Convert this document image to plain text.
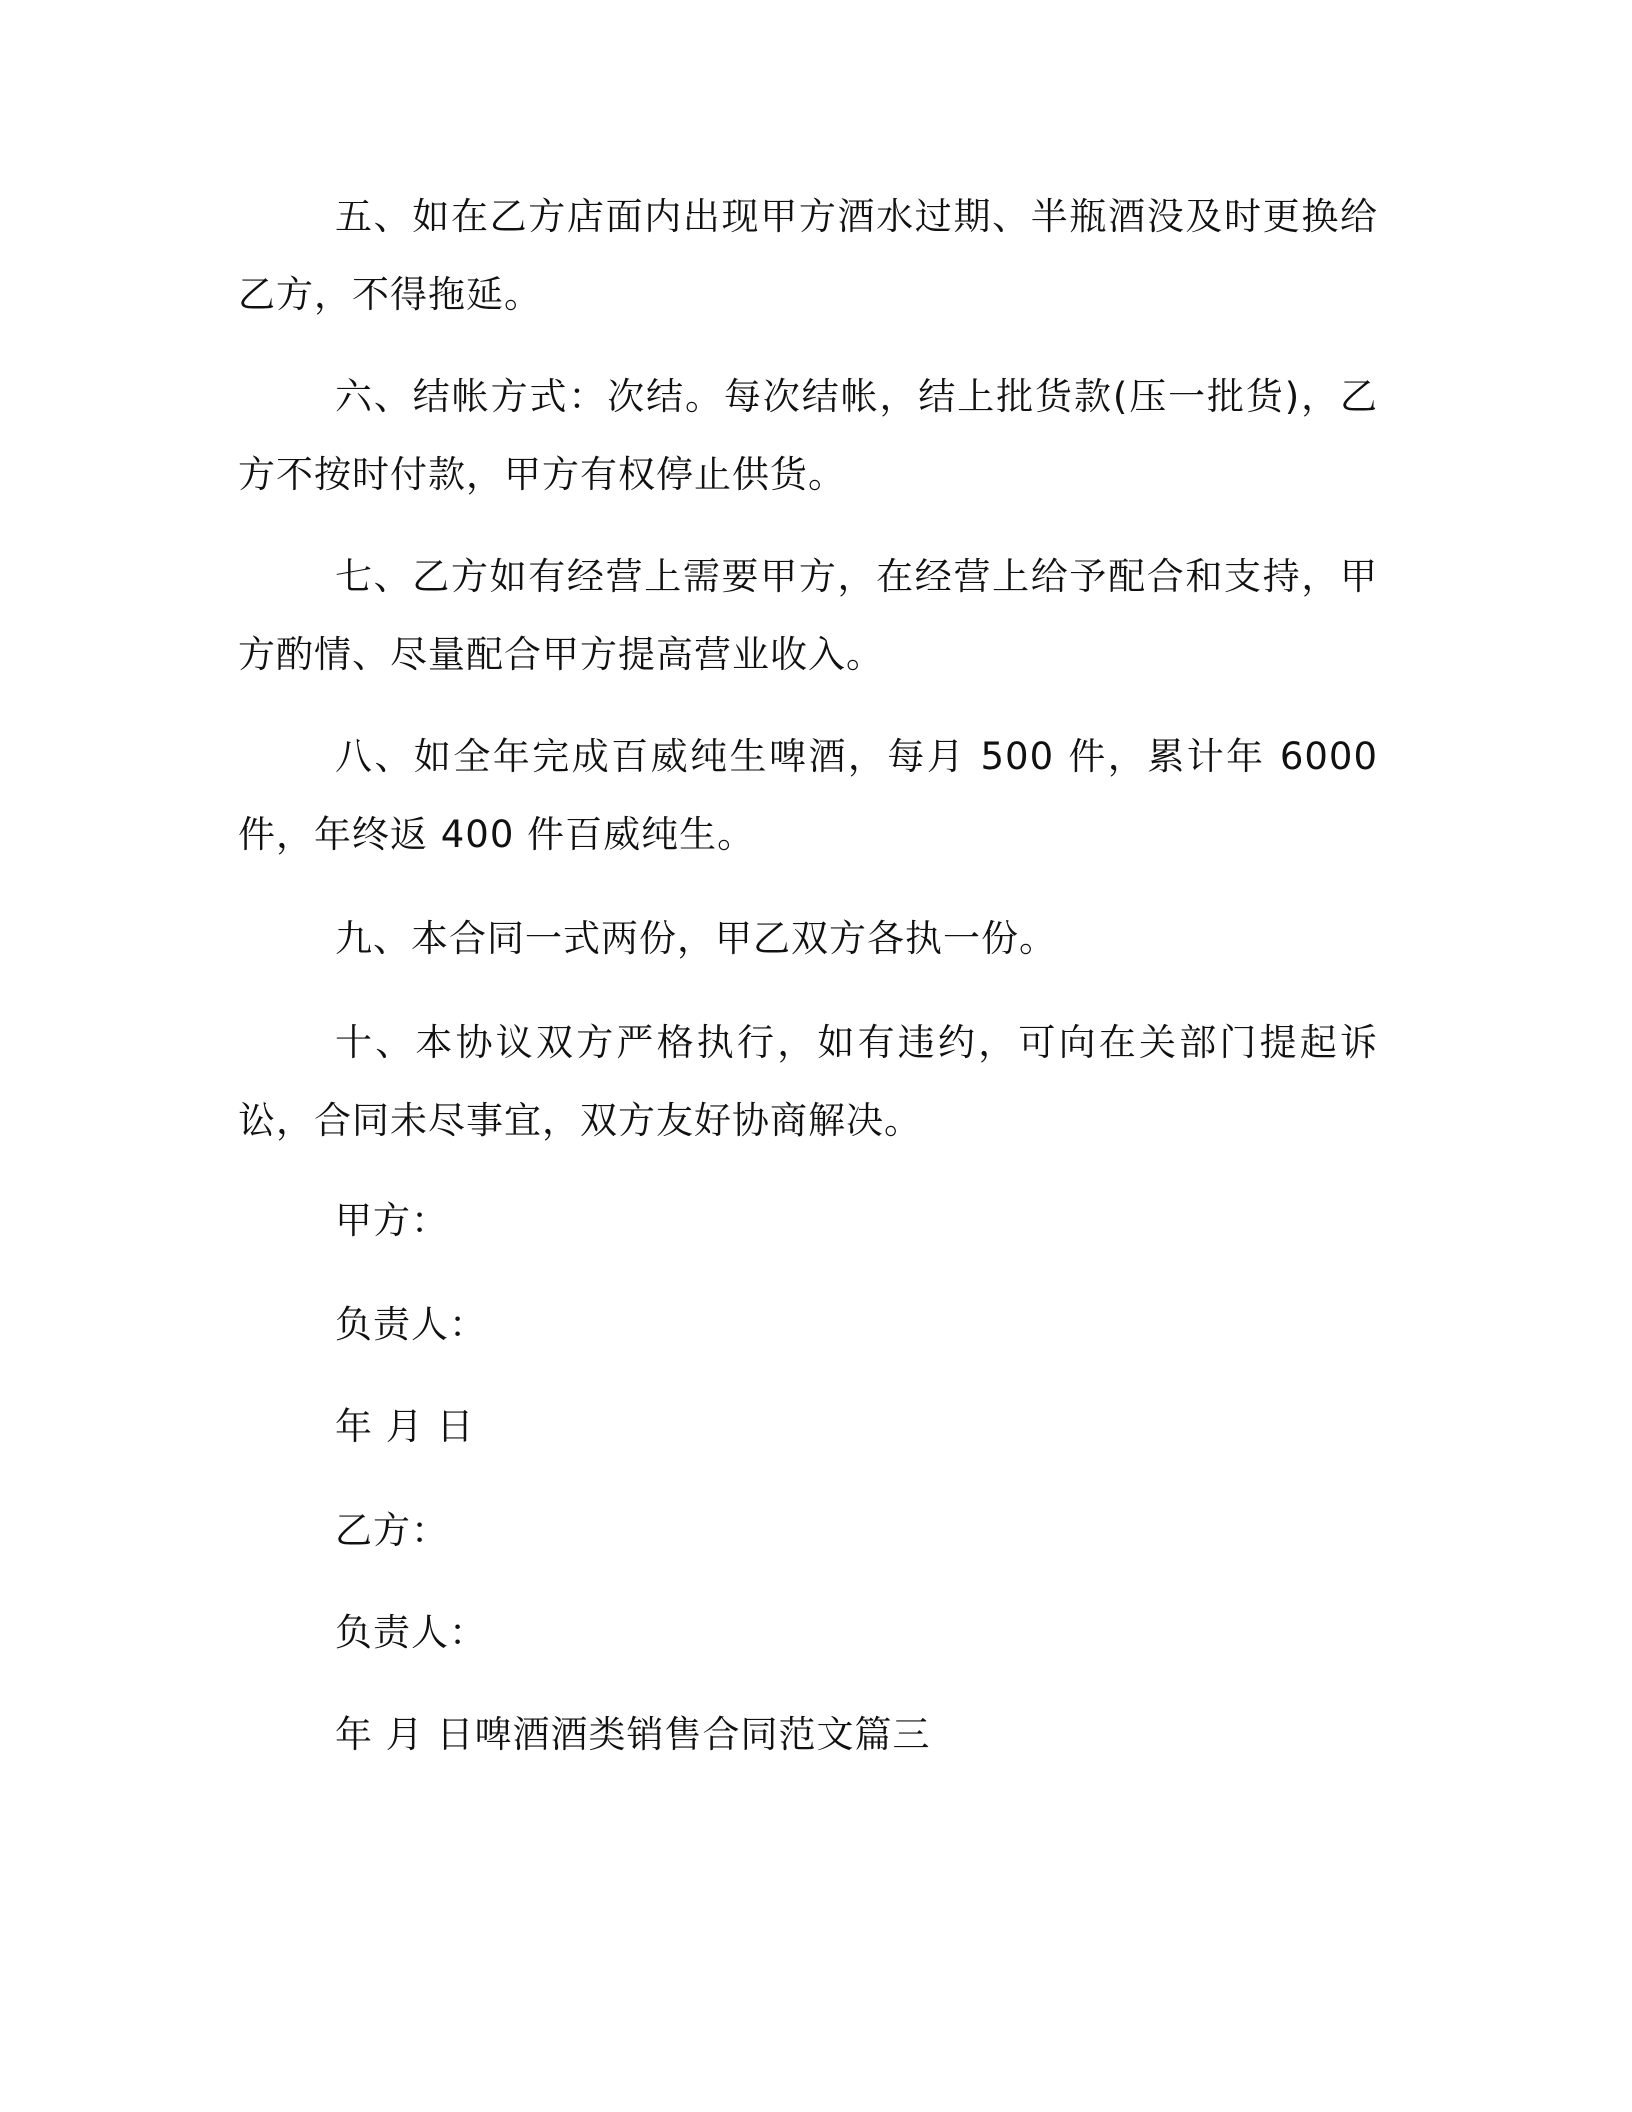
五、如在乙方店面内出现甲方酒水过期、半瓶酒没及时更换给乙方，不得拖延。

六、结帐方式：次结。每次结帐，结上批货款(压一批货)，乙方不按时付款，甲方有权停止供货。

七、乙方如有经营上需要甲方，在经营上给予配合和支持，甲方酌情、尽量配合甲方提高营业收入。

八、如全年完成百威纯生啤酒，每月 500 件，累计年 6000 件，年终返 400 件百威纯生。

九、本合同一式两份，甲乙双方各执一份。

十、本协议双方严格执行，如有违约，可向在关部门提起诉讼，合同未尽事宜，双方友好协商解决。

甲方：

负责人：

年 月 日

乙方：

负责人：

年 月 日啤酒酒类销售合同范文篇三
